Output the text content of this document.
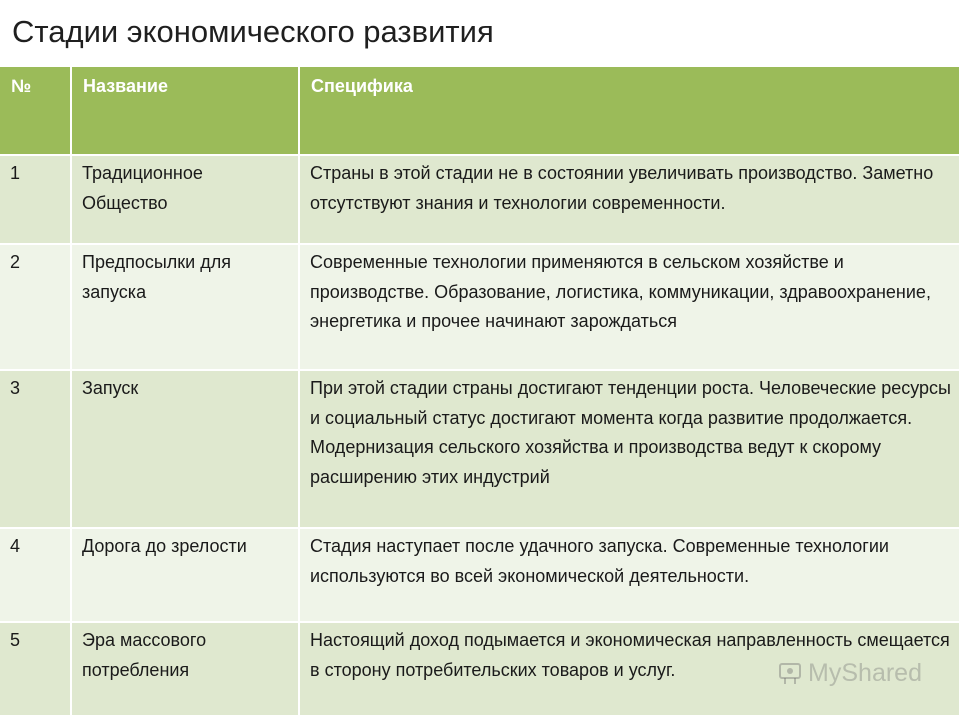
Стадии экономического развития
№	Название	Специфика

1	Традиционное Общество	Страны в этой стадии не в состоянии увеличивать производство. Заметно отсутствуют знания и технологии современности.

2	Предпосылки для запуска	Современные технологии применяются в сельском хозяйстве и производстве. Образование, логистика, коммуникации, здравоохранение, энергетика и прочее начинают зарождаться

3	Запуск	При этой стадии страны достигают тенденции роста. Человеческие ресурсы и социальный статус достигают момента когда развитие продолжается. Модернизация сельского хозяйства и производства ведут к скорому расширению этих индустрий

4	Дорога до зрелости	Стадия наступает после удачного запуска. Современные технологии используются во всей экономической деятельности.

5	Эра массового потребления	Настоящий доход подымается и экономическая направленность смещается в сторону потребительских товаров и услуг.	MyShared
